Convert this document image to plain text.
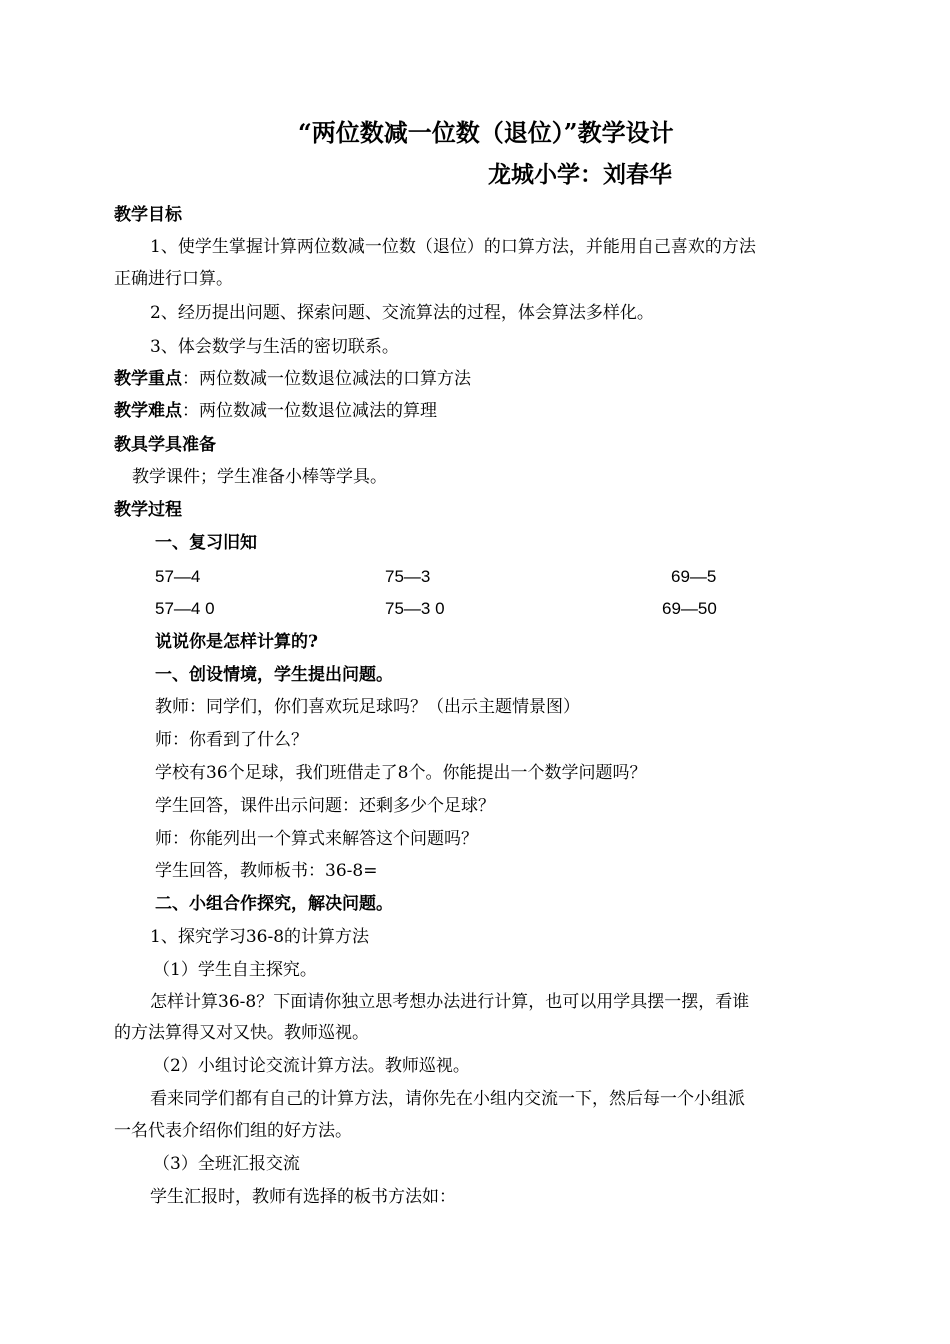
“两位数减一位数（退位）”教学设计
龙城小学：刘春华
教学目标
1、使学生掌握计算两位数减一位数（退位）的口算方法，并能用自己喜欢的方法
正确进行口算。
2、经历提出问题、探索问题、交流算法的过程，体会算法多样化。
3、体会数学与生活的密切联系。
教学重点：两位数减一位数退位减法的口算方法
教学难点：两位数减一位数退位减法的算理
教具学具准备
教学课件；学生准备小棒等学具。
教学过程
一、复习旧知
57—4	75—3	69—5
57—4 0	75—3 0	69—50
说说你是怎样计算的?
一、创设情境，学生提出问题。
教师：同学们，你们喜欢玩足球吗？（出示主题情景图）
师：你看到了什么？
学校有36个足球，我们班借走了8个。你能提出一个数学问题吗？
学生回答，课件出示问题：还剩多少个足球？
师：你能列出一个算式来解答这个问题吗？
学生回答，教师板书：36-8=
二、小组合作探究，解决问题。
1、探究学习36-8的计算方法
（1）学生自主探究。
怎样计算36-8？下面请你独立思考想办法进行计算，也可以用学具摆一摆，看谁
的方法算得又对又快。教师巡视。
（2）小组讨论交流计算方法。教师巡视。
看来同学们都有自己的计算方法，请你先在小组内交流一下，然后每一个小组派
一名代表介绍你们组的好方法。
（3）全班汇报交流
学生汇报时，教师有选择的板书方法如：
